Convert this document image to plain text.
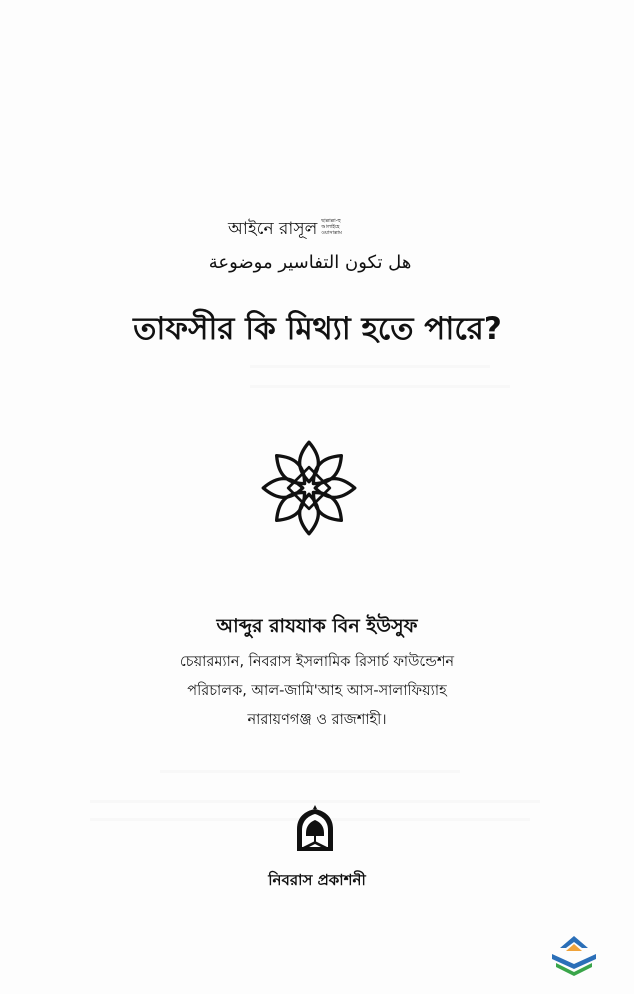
আইনে রাসূল ছাল্লাল্লা-হু
আলাইহে
ওয়াসাল্লাম
هل تكون التفاسير موضوعة
তাফসীর কি মিথ্যা হতে পারে?
আব্দুর রাযযাক বিন ইউসুফ
চেয়ারম্যান, নিবরাস ইসলামিক রিসার্চ ফাউন্ডেশন
পরিচালক, আল-জামি'আহ আস-সালাফিয়্যাহ
নারায়ণগঞ্জ ও রাজশাহী।
নিবরাস প্রকাশনী
